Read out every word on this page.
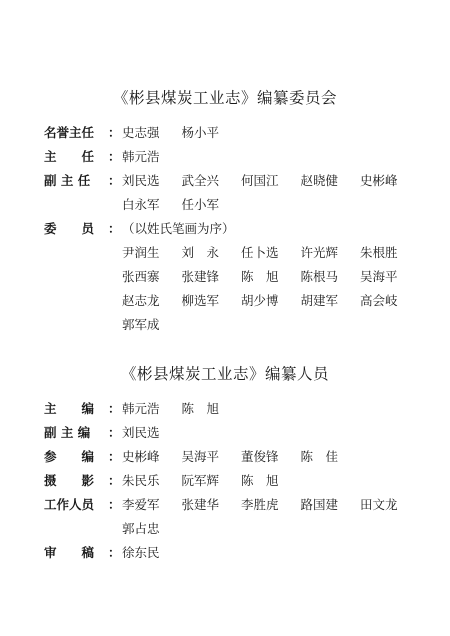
《彬县煤炭工业志》编纂委员会
名誉主任 ： 史志强 杨小平
主　　任 ： 韩元浩
副 主 任 ： 刘民选 武全兴 何国江 赵晓健 史彬峰
白永军 任小军
委　　员 ： （以姓氏笔画为序）
尹润生 刘　永 任卜选 许光辉 朱根胜
张西寨 张建锋 陈　旭 陈根马 吴海平
赵志龙 柳选军 胡少博 胡建军 高会岐
郭军成
《彬县煤炭工业志》编纂人员
主　　编 ： 韩元浩 陈　旭
副 主 编 ： 刘民选
参　　编 ： 史彬峰 吴海平 董俊锋 陈　佳
摄　　影 ： 朱民乐 阮军辉 陈　旭
工作人员 ： 李爱军 张建华 李胜虎 路国建 田文龙
郭占忠
审　　稿 ： 徐东民
